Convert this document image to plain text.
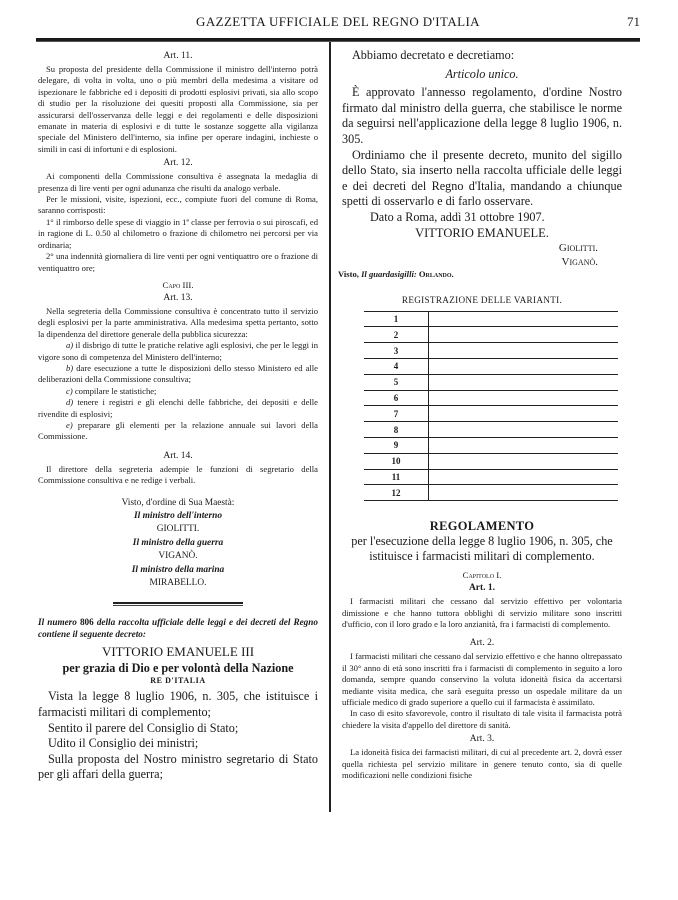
GAZZETTA UFFICIALE DEL REGNO D'ITALIA	71
Art. 11.

Su proposta del presidente della Commissione il ministro dell'interno potrà delegare, di volta in volta, uno o più membri della medesima a visitare od ispezionare le fabbriche ed i depositi di prodotti esplosivi privati, sia allo scopo di studio per la risoluzione dei quesiti proposti alla Commissione, sia per assicurarsi dell'osservanza delle leggi e dei regolamenti e delle disposizioni emanate in materia di esplosivi e di tutte le sostanze soggette alla vigilanza speciale del Ministero dell'interno, sia infine per operare indagini, inchieste o simili in casi di infortuni e di esplosioni.

Art. 12.

Ai componenti della Commissione consultiva è assegnata la medaglia di presenza di lire venti per ogni adunanza che risulti da analogo verbale.

Per le missioni, visite, ispezioni, ecc., compiute fuori del comune di Roma, saranno corrisposti:

1° il rimborso delle spese di viaggio in 1ª classe per ferrovia o sui piroscafi, ed in ragione di L. 0.50 al chilometro o frazione di chilometro nei percorsi per via ordinaria;

2° una indennità giornaliera di lire venti per ogni ventiquattro ore o frazione di ventiquattro ore;

Capo III.
Art. 13.

Nella segreteria della Commissione consultiva è concentrato tutto il servizio degli esplosivi per la parte amministrativa. Alla medesima spetta pertanto, sotto la dipendenza del direttore generale della pubblica sicurezza:

a) il disbrigo di tutte le pratiche relative agli esplosivi, che per le leggi in vigore sono di competenza del Ministero dell'interno;

b) dare esecuzione a tutte le disposizioni dello stesso Ministero ed alle deliberazioni della Commissione consultiva;

c) compilare le statistiche;

d) tenere i registri e gli elenchi delle fabbriche, dei depositi e delle rivendite di esplosivi;

e) preparare gli elementi per la relazione annuale sui lavori della Commissione.

Art. 14.

Il direttore della segreteria adempie le funzioni di segretario della Commissione consultiva e ne redige i verbali.

Visto, d'ordine di Sua Maestà:
Il ministro dell'interno
GIOLITTI.
Il ministro della guerra
VIGANÒ.
Il ministro della marina
MIRABELLO.
Il numero 806 della raccolta ufficiale delle leggi e dei decreti del Regno contiene il seguente decreto:
VITTORIO EMANUELE III
per grazia di Dio e per volontà della Nazione
RE D'ITALIA

Vista la legge 8 luglio 1906, n. 305, che istituisce i farmacisti militari di complemento;

Sentito il parere del Consiglio di Stato;

Udito il Consiglio dei ministri;

Sulla proposta del Nostro ministro segretario di Stato per gli affari della guerra;

Abbiamo decretato e decretiamo:

Articolo unico.

È approvato l'annesso regolamento, d'ordine Nostro firmato dal ministro della guerra, che stabilisce le norme da seguirsi nell'applicazione della legge 8 luglio 1906, n. 305.

Ordiniamo che il presente decreto, munito del sigillo dello Stato, sia inserto nella raccolta ufficiale delle leggi e dei decreti del Regno d'Italia, mandando a chiunque spetti di osservarlo e di farlo osservare.

Dato a Roma, addì 31 ottobre 1907.

VITTORIO EMANUELE.

Giolitti.
Viganò.
Visto, Il guardasigilli: Orlando.
REGISTRAZIONE DELLE VARIANTI.
1	
2	
3	
4	
5	
6	
7	
8	
9	
10	
11	
12	
REGOLAMENTO
per l'esecuzione della legge 8 luglio 1906, n. 305, che istituisce i farmacisti militari di complemento.
Capitolo I.
Art. 1.

I farmacisti militari che cessano dal servizio effettivo per volontaria dimissione e che hanno tuttora obblighi di servizio militare sono inscritti d'ufficio, con il loro grado e la loro anzianità, fra i farmacisti di complemento.

Art. 2.

I farmacisti militari che cessano dal servizio effettivo e che hanno oltrepassato il 30° anno di età sono inscritti fra i farmacisti di complemento in seguito a loro domanda, sempre quando conservino la voluta idoneità fisica da accertarsi mediante visita medica, che sarà eseguita presso un ospedale militare da un ufficiale medico di grado superiore a quello cui il farmacista è assimilato.

In caso di esito sfavorevole, contro il risultato di tale visita il farmacista potrà chiedere la visita d'appello del direttore di sanità.

Art. 3.

La idoneità fisica dei farmacisti militari, di cui al precedente art. 2, dovrà esser quella richiesta pel servizio militare in genere tenuto conto, sia di quelle modificazioni nelle condizioni fisiche
